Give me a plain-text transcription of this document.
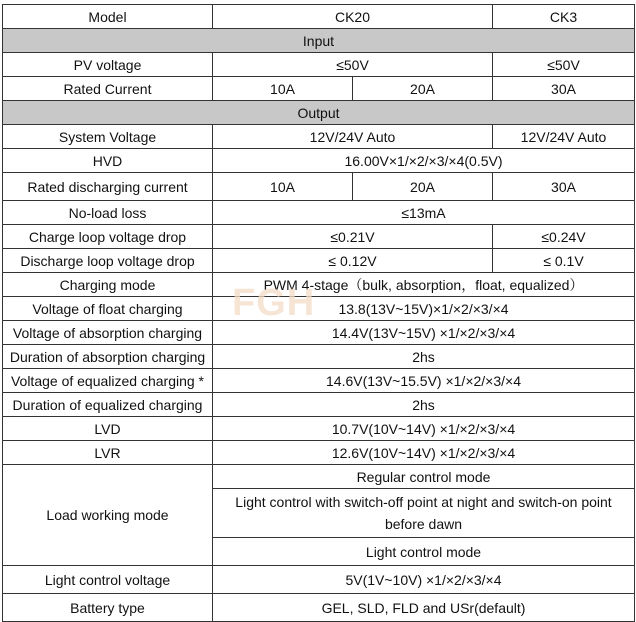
Model	CK20		CK3
Input			
PV voltage	≤50V		≤50V
Rated Current	10A	20A	30A
Output			
System Voltage	12V/24V Auto		12V/24V Auto
HVD	16.00V×1/×2/×3/×4(0.5V)		
Rated discharging current	10A	20A	30A
No-load loss	≤13mA		
Charge loop voltage drop	≤0.21V		≤0.24V
Discharge loop voltage drop	≤ 0.12V		≤ 0.1V
Charging mode	PWM 4-stage（bulk, absorption，float, equalized）		
Voltage of float charging	13.8(13V~15V)×1/×2/×3/×4		
Voltage of absorption charging	14.4V(13V~15V) ×1/×2/×3/×4		
Duration of absorption charging	2hs		
Voltage of equalized charging *	14.6V(13V~15.5V) ×1/×2/×3/×4		
Duration of equalized charging	2hs		
LVD	10.7V(10V~14V) ×1/×2/×3/×4		
LVR	12.6V(10V~14V) ×1/×2/×3/×4		
Load working mode	Regular control mode		
	Light control with switch-off point at night and switch-on point before dawn		
	Light control mode		
Light control voltage	5V(1V~10V) ×1/×2/×3/×4		
Battery type	GEL, SLD, FLD and USr(default)		
FGH
